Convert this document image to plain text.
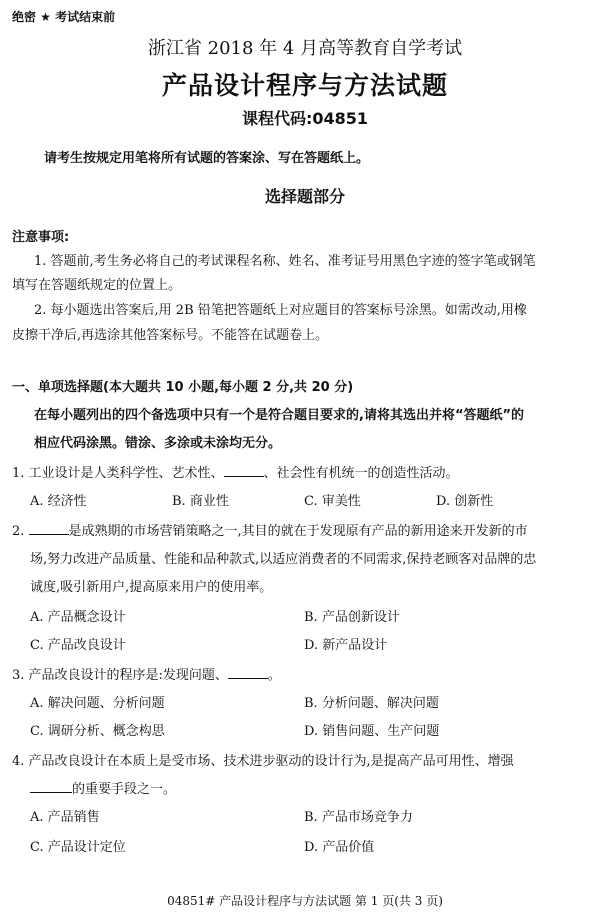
绝密 ★ 考试结束前
浙江省 2018 年 4 月高等教育自学考试
产品设计程序与方法试题
课程代码:04851
请考生按规定用笔将所有试题的答案涂、写在答题纸上。
选择题部分
注意事项:
1. 答题前,考生务必将自己的考试课程名称、姓名、准考证号用黑色字迹的签字笔或钢笔
填写在答题纸规定的位置上。
2. 每小题选出答案后,用 2B 铅笔把答题纸上对应题目的答案标号涂黑。如需改动,用橡
皮擦干净后,再选涂其他答案标号。不能答在试题卷上。
一、单项选择题(本大题共 10 小题,每小题 2 分,共 20 分)
在每小题列出的四个备选项中只有一个是符合题目要求的,请将其选出并将“答题纸”的
相应代码涂黑。错涂、多涂或未涂均无分。
1. 工业设计是人类科学性、艺术性、	、社会性有机统一的创造性活动。
A. 经济性	B. 商业性	C. 审美性	D. 创新性
2.	是成熟期的市场营销策略之一,其目的就在于发现原有产品的新用途来开发新的市
场,努力改进产品质量、性能和品种款式,以适应消费者的不同需求,保持老顾客对品牌的忠
诚度,吸引新用户,提高原来用户的使用率。
A. 产品概念设计	B. 产品创新设计
C. 产品改良设计	D. 新产品设计
3. 产品改良设计的程序是:发现问题、	。
A. 解决问题、分析问题	B. 分析问题、解决问题
C. 调研分析、概念构思	D. 销售问题、生产问题
4. 产品改良设计在本质上是受市场、技术进步驱动的设计行为,是提高产品可用性、增强
的重要手段之一。
A. 产品销售	B. 产品市场竞争力
C. 产品设计定位	D. 产品价值
04851# 产品设计程序与方法试题 第 1 页(共 3 页)
